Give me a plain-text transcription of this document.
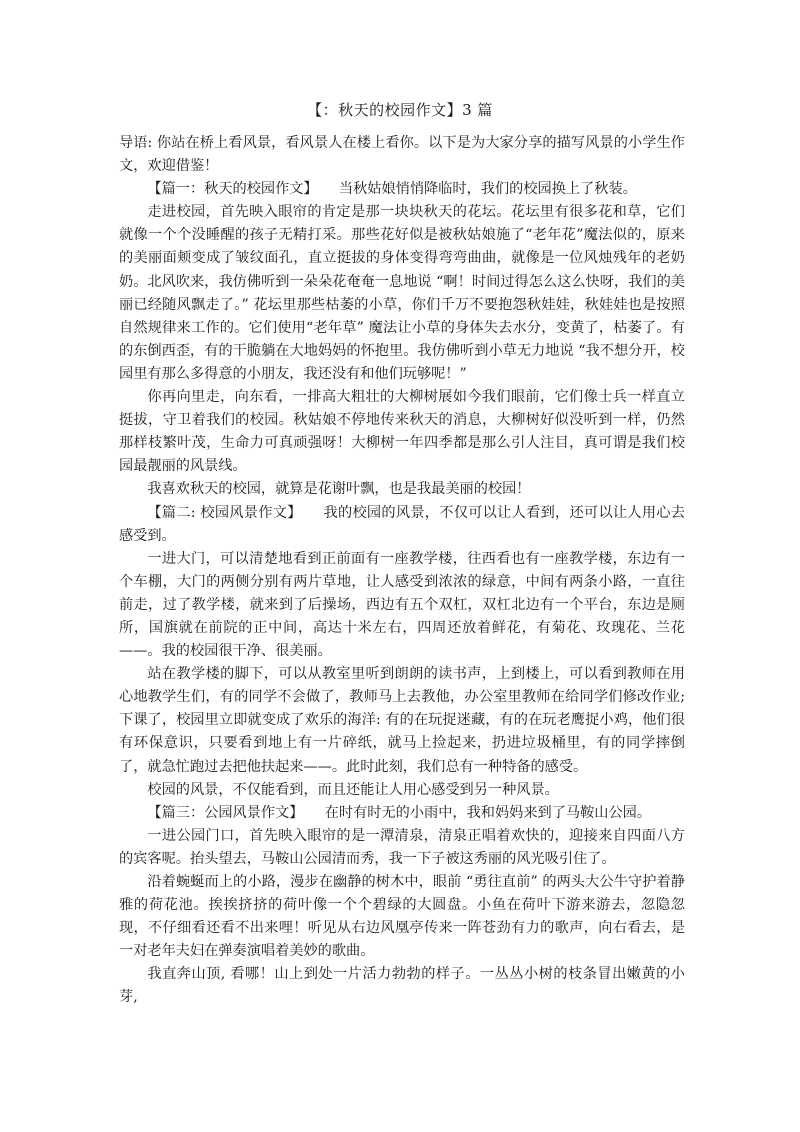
【：秋天的校园作文】3 篇

导语: 你站在桥上看风景，看风景人在楼上看你。以下是为大家分享的描写风景的小学生作文，欢迎借鉴！

【篇一：秋天的校园作文】　　当秋姑娘悄悄降临时，我们的校园换上了秋装。

走进校园，首先映入眼帘的肯定是那一块块秋天的花坛。花坛里有很多花和草，它们就像一个个没睡醒的孩子无精打采。那些花好似是被秋姑娘施了“老年花”魔法似的，原来的美丽面颊变成了皱纹面孔，直立挺拔的身体变得弯弯曲曲，就像是一位风烛残年的老奶奶。北风吹来，我仿佛听到一朵朵花奄奄一息地说 “啊！时间过得怎么这么快呀，我们的美丽已经随风飘走了。” 花坛里那些枯萎的小草，你们千万不要抱怨秋娃娃，秋娃娃也是按照自然规律来工作的。它们使用“老年草” 魔法让小草的身体失去水分，变黄了，枯萎了。有的东倒西歪，有的干脆躺在大地妈妈的怀抱里。我仿佛听到小草无力地说 “我不想分开，校园里有那么多得意的小朋友，我还没有和他们玩够呢！”

你再向里走，向东看，一排高大粗壮的大柳树展如今我们眼前，它们像士兵一样直立挺拔，守卫着我们的校园。秋姑娘不停地传来秋天的消息，大柳树好似没听到一样，仍然那样枝繁叶茂，生命力可真顽强呀！大柳树一年四季都是那么引人注目，真可谓是我们校园最靓丽的风景线。

我喜欢秋天的校园，就算是花谢叶飘，也是我最美丽的校园！

【篇二: 校园风景作文】　　我的校园的风景，不仅可以让人看到，还可以让人用心去感受到。

一进大门，可以清楚地看到正前面有一座教学楼，往西看也有一座教学楼，东边有一个车棚，大门的两侧分别有两片草地，让人感受到浓浓的绿意，中间有两条小路，一直往前走，过了教学楼，就来到了后操场，西边有五个双杠，双杠北边有一个平台，东边是厕所，国旗就在前院的正中间，高达十米左右，四周还放着鲜花，有菊花、玫瑰花、兰花——。我的校园很干净、很美丽。

站在教学楼的脚下，可以从教室里听到朗朗的读书声，上到楼上，可以看到教师在用心地教学生们，有的同学不会做了，教师马上去教他，办公室里教师在给同学们修改作业; 下课了，校园里立即就变成了欢乐的海洋: 有的在玩捉迷藏，有的在玩老鹰捉小鸡，他们很有环保意识，只要看到地上有一片碎纸，就马上捡起来，扔进垃圾桶里，有的同学摔倒了，就急忙跑过去把他扶起来——。此时此刻，我们总有一种特备的感受。

校园的风景，不仅能看到，而且还能让人用心感受到另一种风景。

【篇三：公园风景作文】　　在时有时无的小雨中，我和妈妈来到了马鞍山公园。

一进公园门口，首先映入眼帘的是一潭清泉，清泉正唱着欢快的，迎接来自四面八方的宾客呢。抬头望去，马鞍山公园清而秀，我一下子被这秀丽的风光吸引住了。

沿着蜿蜒而上的小路，漫步在幽静的树木中，眼前 “勇往直前” 的两头大公牛守护着静雅的荷花池。挨挨挤挤的荷叶像一个个碧绿的大圆盘。小鱼在荷叶下游来游去，忽隐忽现，不仔细看还看不出来哩！听见从右边风凰亭传来一阵苍劲有力的歌声，向右看去，是一对老年夫妇在弹奏演唱着美妙的歌曲。

我直奔山顶, 看哪！山上到处一片活力勃勃的样子。一丛丛小树的枝条冒出嫩黄的小芽,
